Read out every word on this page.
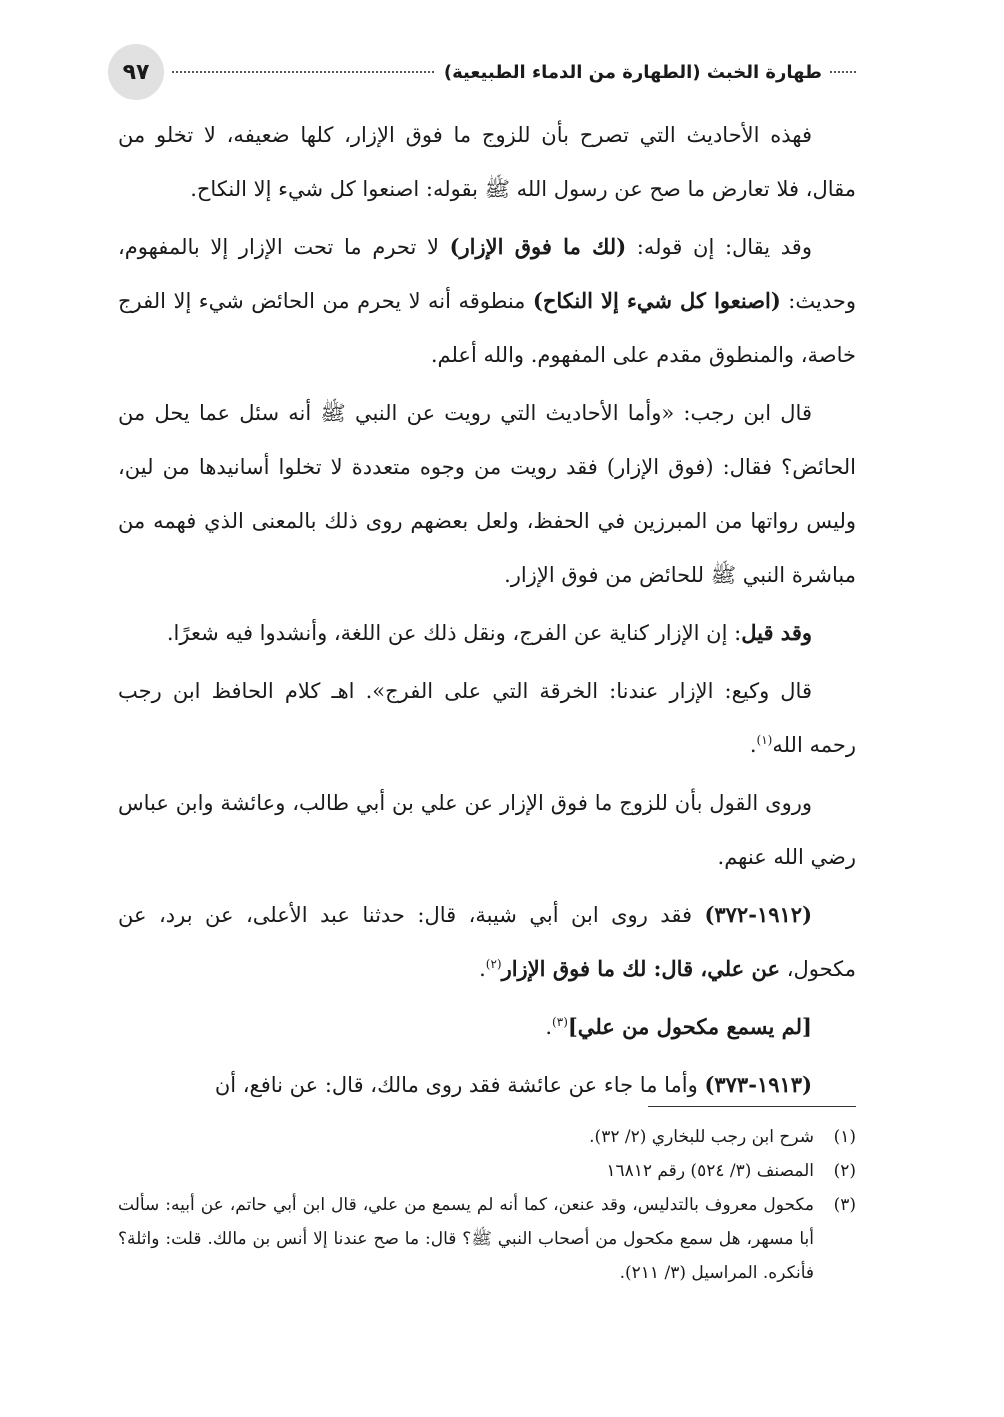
٩٧	طهارة الخبث (الطهارة من الدماء الطبيعية)

فهذه الأحاديث التي تصرح بأن للزوج ما فوق الإزار، كلها ضعيفه، لا تخلو من مقال، فلا تعارض ما صح عن رسول الله ﷺ بقوله: اصنعوا كل شيء إلا النكاح.

وقد يقال: إن قوله: (لك ما فوق الإزار) لا تحرم ما تحت الإزار إلا بالمفهوم، وحديث: (اصنعوا كل شيء إلا النكاح) منطوقه أنه لا يحرم من الحائض شيء إلا الفرج خاصة، والمنطوق مقدم على المفهوم. والله أعلم.

قال ابن رجب: «وأما الأحاديث التي رويت عن النبي ﷺ أنه سئل عما يحل من الحائض؟ فقال: (فوق الإزار) فقد رويت من وجوه متعددة لا تخلوا أسانيدها من لين، وليس رواتها من المبرزين في الحفظ، ولعل بعضهم روى ذلك بالمعنى الذي فهمه من مباشرة النبي ﷺ للحائض من فوق الإزار.

وقد قيل: إن الإزار كناية عن الفرج، ونقل ذلك عن اللغة، وأنشدوا فيه شعرًا.

قال وكيع: الإزار عندنا: الخرقة التي على الفرج». اهـ كلام الحافظ ابن رجب رحمه الله$^{(١)}$.

وروى القول بأن للزوج ما فوق الإزار عن علي بن أبي طالب، وعائشة وابن عباس رضي الله عنهم.

(١٩١٢-٣٧٢) فقد روى ابن أبي شيبة، قال: حدثنا عبد الأعلى، عن برد، عن مكحول، عن علي، قال: لك ما فوق الإزار$^{(٢)}$.

[لم يسمع مكحول من علي]$^{(٣)}$.

(١٩١٣-٣٧٣) وأما ما جاء عن عائشة فقد روى مالك، قال: عن نافع، أن

(١)
شرح ابن رجب للبخاري (٢/ ٣٢).
(٢)
المصنف (٣/ ٥٢٤) رقم ١٦٨١٢
(٣)
مكحول معروف بالتدليس، وقد عنعن، كما أنه لم يسمع من علي، قال ابن أبي حاتم، عن أبيه: سألت أبا مسهر، هل سمع مكحول من أصحاب النبي ﷺ؟ قال: ما صح عندنا إلا أنس بن مالك. قلت: واثلة؟ فأنكره. المراسيل (٣/ ٢١١).
